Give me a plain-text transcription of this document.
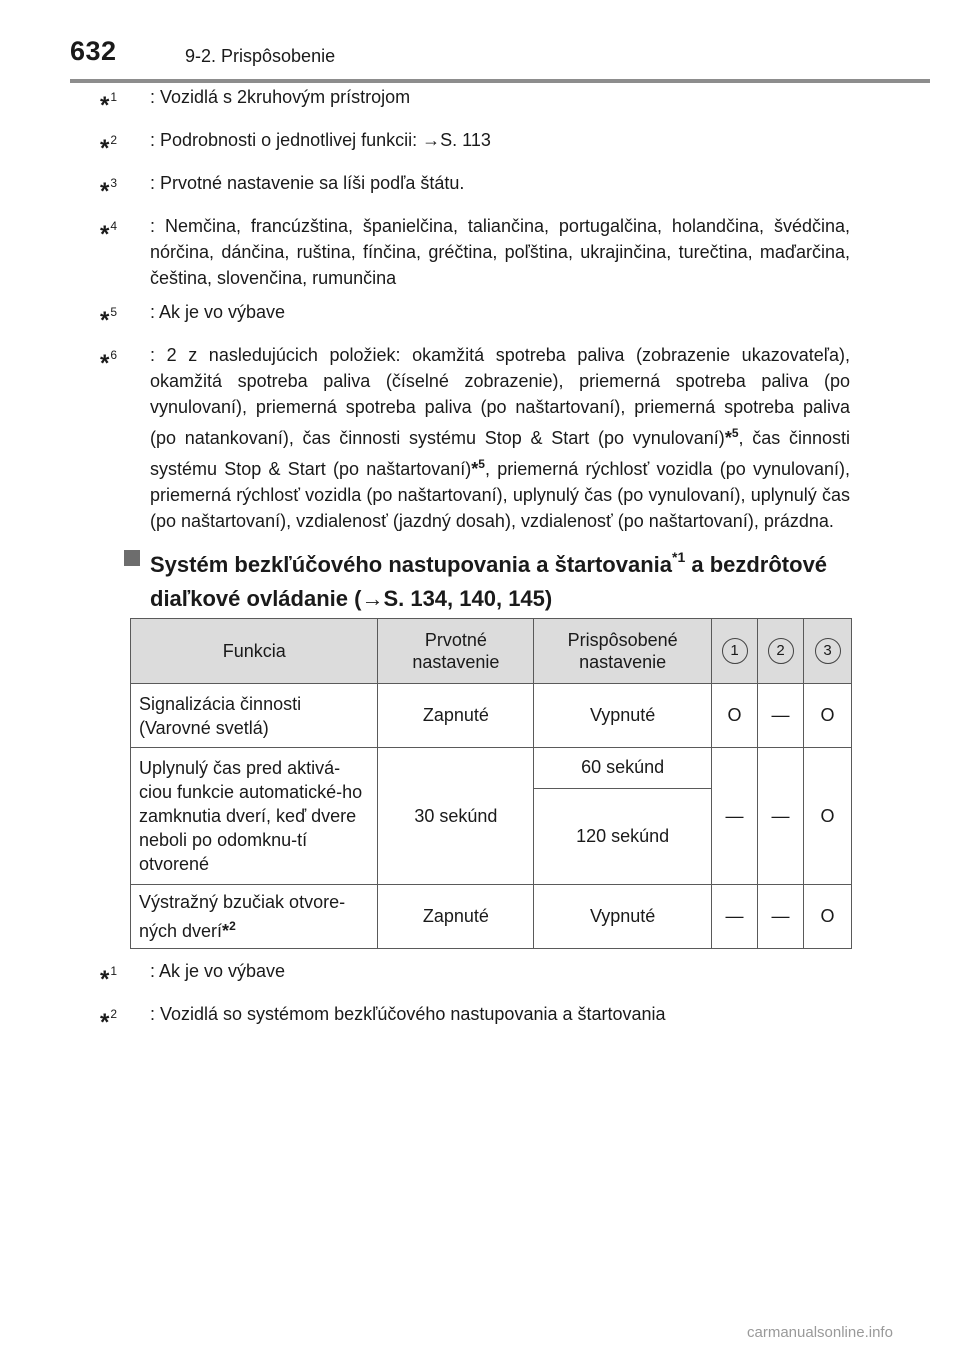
632	9-2. Prispôsobenie
*$^1$	: Vozidlá s 2kruhovým prístrojom
*$^2$	: Podrobnosti o jednotlivej funkcii: →S. 113
*$^3$	: Prvotné nastavenie sa líši podľa štátu.
*$^4$	: Nemčina, francúzština, španielčina, taliančina, portugalčina, holandčina, švédčina, nórčina, dánčina, ruština, fínčina, gréčtina, poľština, ukrajinčina, turečtina, maďarčina, čeština, slovenčina, rumunčina
*$^5$	: Ak je vo výbave
*$^6$	: 2 z nasledujúcich položiek: okamžitá spotreba paliva (zobrazenie ukazovateľa), okamžitá spotreba paliva (číselné zobrazenie), priemerná spotreba paliva (po vynulovaní), priemerná spotreba paliva (po naštartovaní), priemerná spotreba paliva (po natankovaní), čas činnosti systému Stop & Start (po vynulovaní)*$^5$, čas činnosti systému Stop & Start (po naštartovaní)*$^5$, priemerná rýchlosť vozidla (po vynulovaní), priemerná rýchlosť vozidla (po naštartovaní), uplynulý čas (po vynulovaní), uplynulý čas (po naštartovaní), vzdialenosť (jazdný dosah), vzdialenosť (po naštartovaní), prázdna.
Systém bezkľúčového nastupovania a štartovania$^{*1}$ a bezdrôtové diaľkové ovládanie (→S. 134, 140, 145)
Funkcia	Prvotné nastavenie	Prispôsobené nastavenie	1	2	3
Signalizácia činnosti (Varovné svetlá)	Zapnuté	Vypnuté	O	—	O
Uplynulý čas pred aktivá-ciou funkcie automatické-ho zamknutia dverí, keď dvere neboli po odomknu-tí otvorené	30 sekúnd	60 sekúnd	—	—	O
		120 sekúnd			
Výstražný bzučiak otvore-ných dverí*$^2$	Zapnuté	Vypnuté	—	—	O
*$^1$	: Ak je vo výbave
*$^2$	: Vozidlá so systémom bezkľúčového nastupovania a štartovania
carmanualsonline.info
